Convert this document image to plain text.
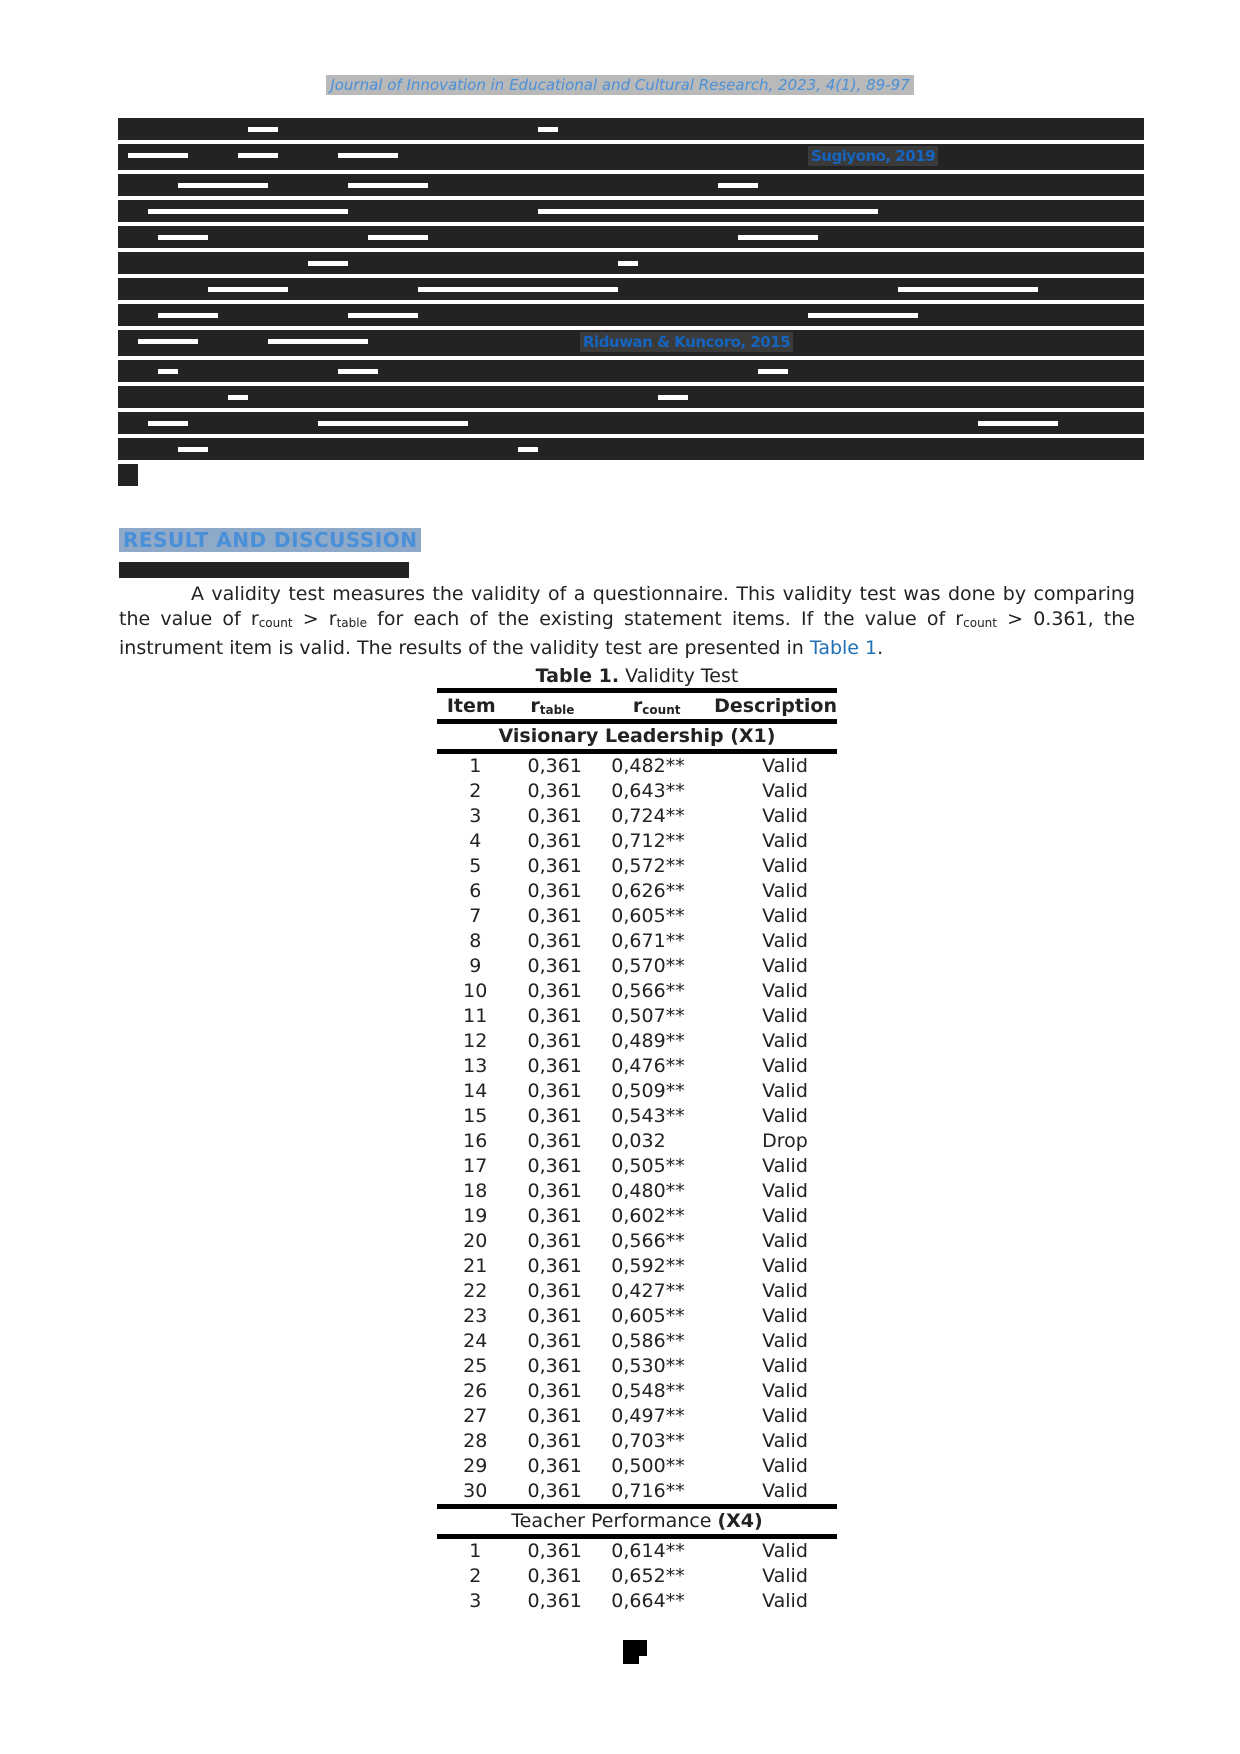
Journal of Innovation in Educational and Cultural Research, 2023, 4(1), 89-97
Sugiyono, 2019
Riduwan & Kuncoro, 2015
RESULT AND DISCUSSION
A validity test measures the validity of a questionnaire. This validity test was done by comparing the value of $r_{count} > r_{table}$ for each of the existing statement items. If the value of $r_{count} > 0.361$, the instrument item is valid. The results of the validity test are presented in Table 1.
Table 1. Validity Test
Item	$r_{table}$	$r_{count}$	Description
Visionary Leadership (X1)			
1	0,361	0,482**	Valid
2	0,361	0,643**	Valid
3	0,361	0,724**	Valid
4	0,361	0,712**	Valid
5	0,361	0,572**	Valid
6	0,361	0,626**	Valid
7	0,361	0,605**	Valid
8	0,361	0,671**	Valid
9	0,361	0,570**	Valid
10	0,361	0,566**	Valid
11	0,361	0,507**	Valid
12	0,361	0,489**	Valid
13	0,361	0,476**	Valid
14	0,361	0,509**	Valid
15	0,361	0,543**	Valid
16	0,361	0,032	Drop
17	0,361	0,505**	Valid
18	0,361	0,480**	Valid
19	0,361	0,602**	Valid
20	0,361	0,566**	Valid
21	0,361	0,592**	Valid
22	0,361	0,427**	Valid
23	0,361	0,605**	Valid
24	0,361	0,586**	Valid
25	0,361	0,530**	Valid
26	0,361	0,548**	Valid
27	0,361	0,497**	Valid
28	0,361	0,703**	Valid
29	0,361	0,500**	Valid
30	0,361	0,716**	Valid
Teacher Performance (X4)			
1	0,361	0,614**	Valid
2	0,361	0,652**	Valid
3	0,361	0,664**	Valid
